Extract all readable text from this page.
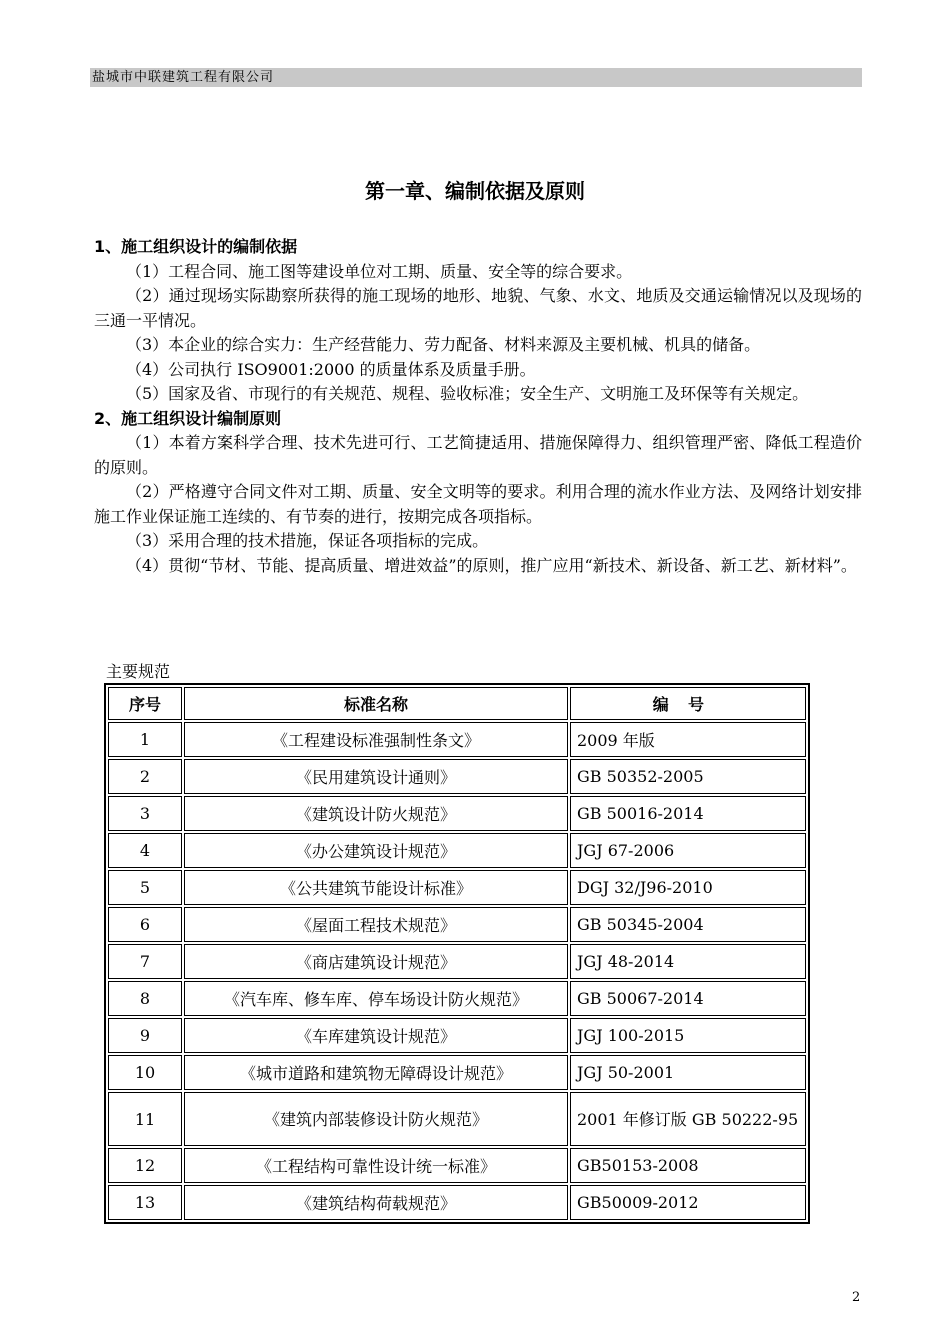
盐城市中联建筑工程有限公司
第一章、编制依据及原则

1、施工组织设计的编制依据

（1）工程合同、施工图等建设单位对工期、质量、安全等的综合要求。

（2）通过现场实际勘察所获得的施工现场的地形、地貌、气象、水文、地质及交通运输情况以及现场的三通一平情况。

（3）本企业的综合实力：生产经营能力、劳力配备、材料来源及主要机械、机具的储备。

（4）公司执行 ISO9001:2000 的质量体系及质量手册。

（5）国家及省、市现行的有关规范、规程、验收标准；安全生产、文明施工及环保等有关规定。

2、施工组织设计编制原则

（1）本着方案科学合理、技术先进可行、工艺简捷适用、措施保障得力、组织管理严密、降低工程造价的原则。

（2）严格遵守合同文件对工期、质量、安全文明等的要求。利用合理的流水作业方法、及网络计划安排施工作业保证施工连续的、有节奏的进行，按期完成各项指标。

（3）采用合理的技术措施，保证各项指标的完成。

（4）贯彻“节材、节能、提高质量、增进效益”的原则，推广应用“新技术、新设备、新工艺、新材料”。

主要规范
序号	标准名称	编号
1	《工程建设标准强制性条文》	2009 年版
2	《民用建筑设计通则》	GB 50352-2005
3	《建筑设计防火规范》	GB 50016-2014
4	《办公建筑设计规范》	JGJ 67-2006
5	《公共建筑节能设计标准》	DGJ 32/J96-2010
6	《屋面工程技术规范》	GB 50345-2004
7	《商店建筑设计规范》	JGJ 48-2014
8	《汽车库、修车库、停车场设计防火规范》	GB 50067-2014
9	《车库建筑设计规范》	JGJ 100-2015
10	《城市道路和建筑物无障碍设计规范》	JGJ 50-2001
11	《建筑内部装修设计防火规范》	2001 年修订版 GB 50222-95
12	《工程结构可靠性设计统一标准》	GB50153-2008
13	《建筑结构荷载规范》	GB50009-2012
2
